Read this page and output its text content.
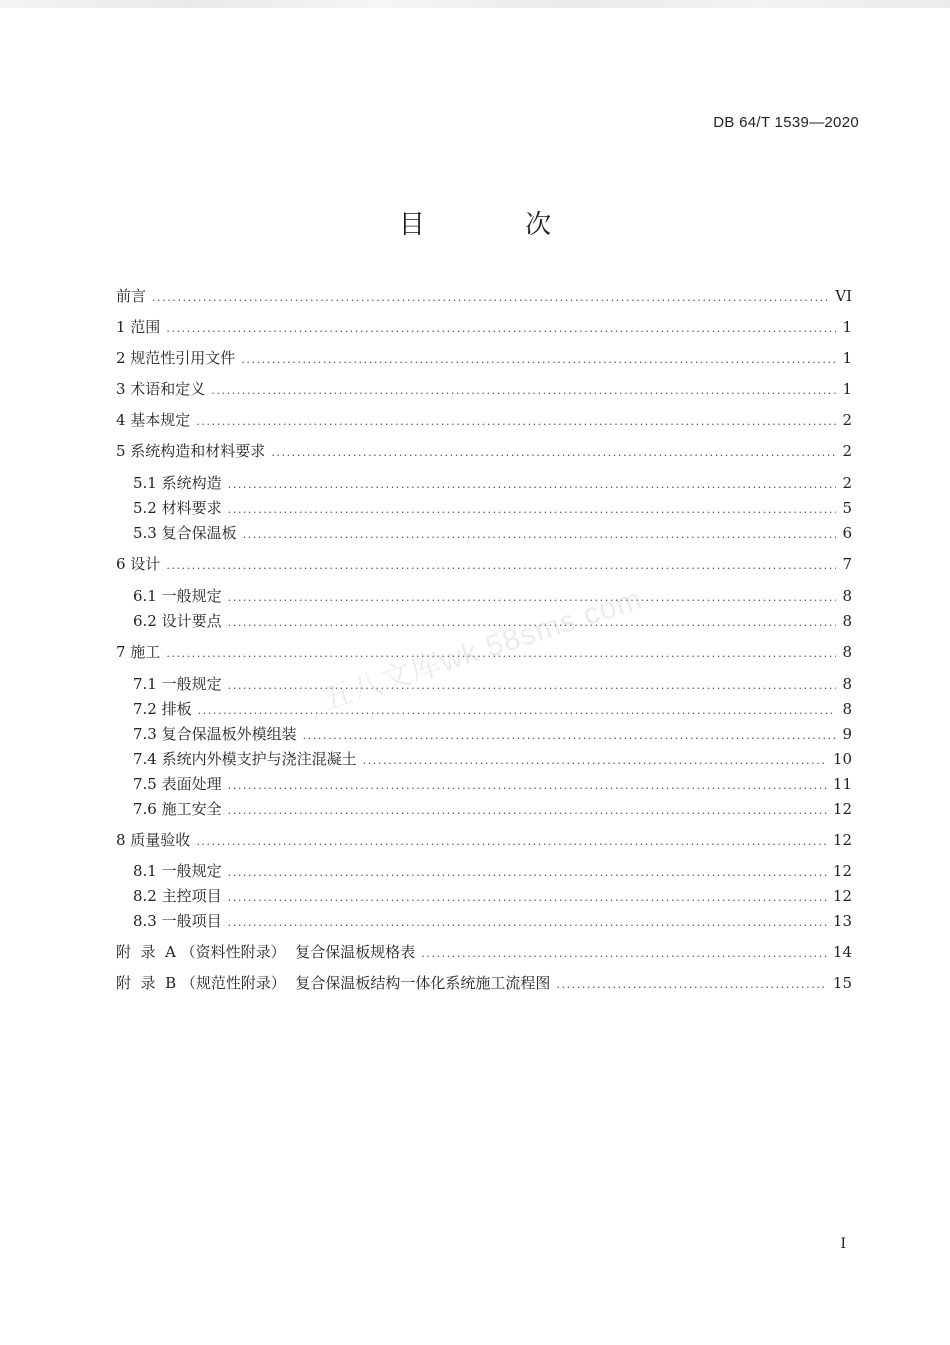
DB 64/T 1539—2020
目 次
前言 .....	VI
1 范围 .....	1
2 规范性引用文件 .....	1
3 术语和定义 .....	1
4 基本规定 .....	2
5 系统构造和材料要求 .....	2
5.1 系统构造 .....	2
5.2 材料要求 .....	5
5.3 复合保温板 .....	6
6 设计 .....	7
6.1 一般规定 .....	8
6.2 设计要点 .....	8
7 施工 .....	8
7.1 一般规定 .....	8
7.2 排板 .....	8
7.3 复合保温板外模组装 .....	9
7.4 系统内外模支护与浇注混凝土 .....	10
7.5 表面处理 .....	11
7.6 施工安全 .....	12
8 质量验收 .....	12
8.1 一般规定 .....	12
8.2 主控项目 .....	12
8.3 一般项目 .....	13
附  录  A （资料性附录）  复合保温板规格表 .....	14
附  录  B （规范性附录）  复合保温板结构一体化系统施工流程图 .....	15
五八文库wk.58sms.com
I
